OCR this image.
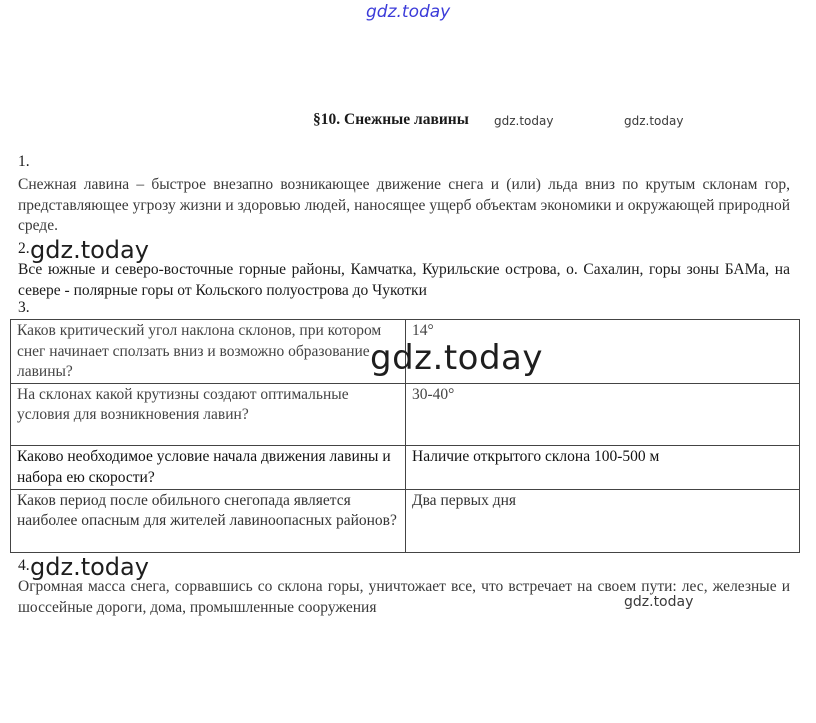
gdz.today
§10. Снежные лавины gdz.today	gdz.today
1.
Снежная лавина – быстрое внезапно возникающее движение снега и (или) льда вниз по крутым склонам гор, представляющее угрозу жизни и здоровью людей, наносящее ущерб объектам экономики и окружающей природной среде.
2. gdz.today
Все южные и северо-восточные горные районы, Камчатка, Курильские острова, о. Сахалин, горы зоны БАМа, на севере - полярные горы от Кольского полуострова до Чукотки
3.
Каков критический угол наклона склонов, при котором снег начинает сползать вниз и возможно образование лавины?	14°
На склонах какой крутизны создают оптимальные условия для возникновения лавин?	30-40°
Каково необходимое условие начала движения лавины и набора ею скорости?	Наличие открытого склона 100-500 м
Каков период после обильного снегопада является наиболее опасным для жителей лавиноопасных районов?	Два первых дня
gdz.today
4. gdz.today
Огромная масса снега, сорвавшись со склона горы, уничтожает все, что встречает на своем пути: лес, железные и шоссейные дороги, дома, промышленные сооружения	gdz.today
